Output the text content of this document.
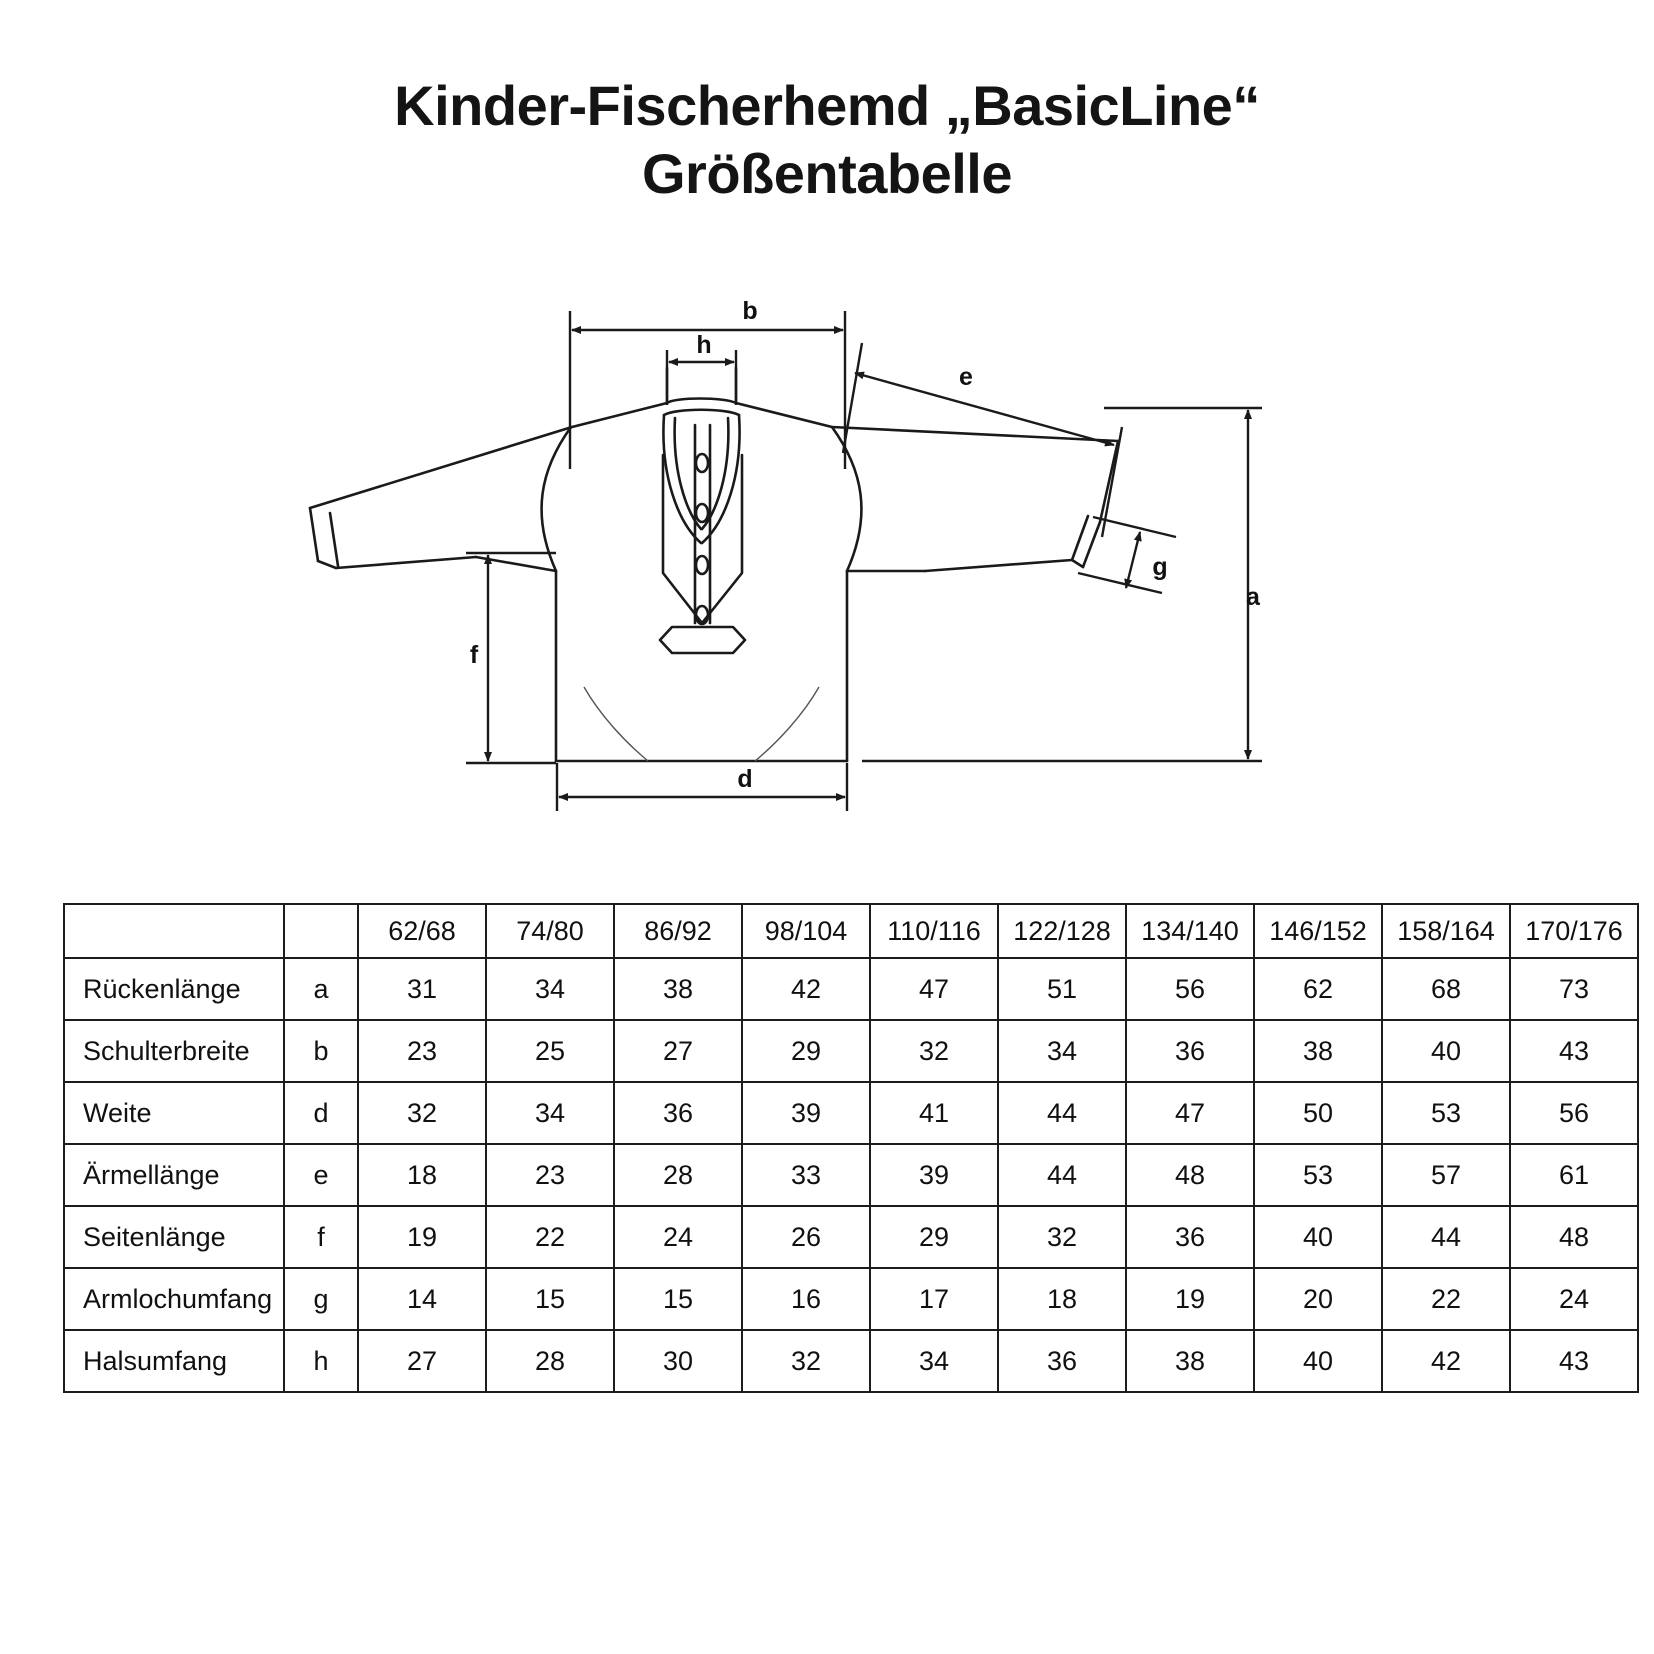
Kinder-Fischerhemd „BasicLine“
Größentabelle
b
h
e
g
a
f
d
		62/68	74/80	86/92	98/104	110/116	122/128	134/140	146/152	158/164	170/176
Rückenlänge	a	31	34	38	42	47	51	56	62	68	73
Schulterbreite	b	23	25	27	29	32	34	36	38	40	43
Weite	d	32	34	36	39	41	44	47	50	53	56
Ärmellänge	e	18	23	28	33	39	44	48	53	57	61
Seitenlänge	f	19	22	24	26	29	32	36	40	44	48
Armlochumfang	g	14	15	15	16	17	18	19	20	22	24
Halsumfang	h	27	28	30	32	34	36	38	40	42	43
